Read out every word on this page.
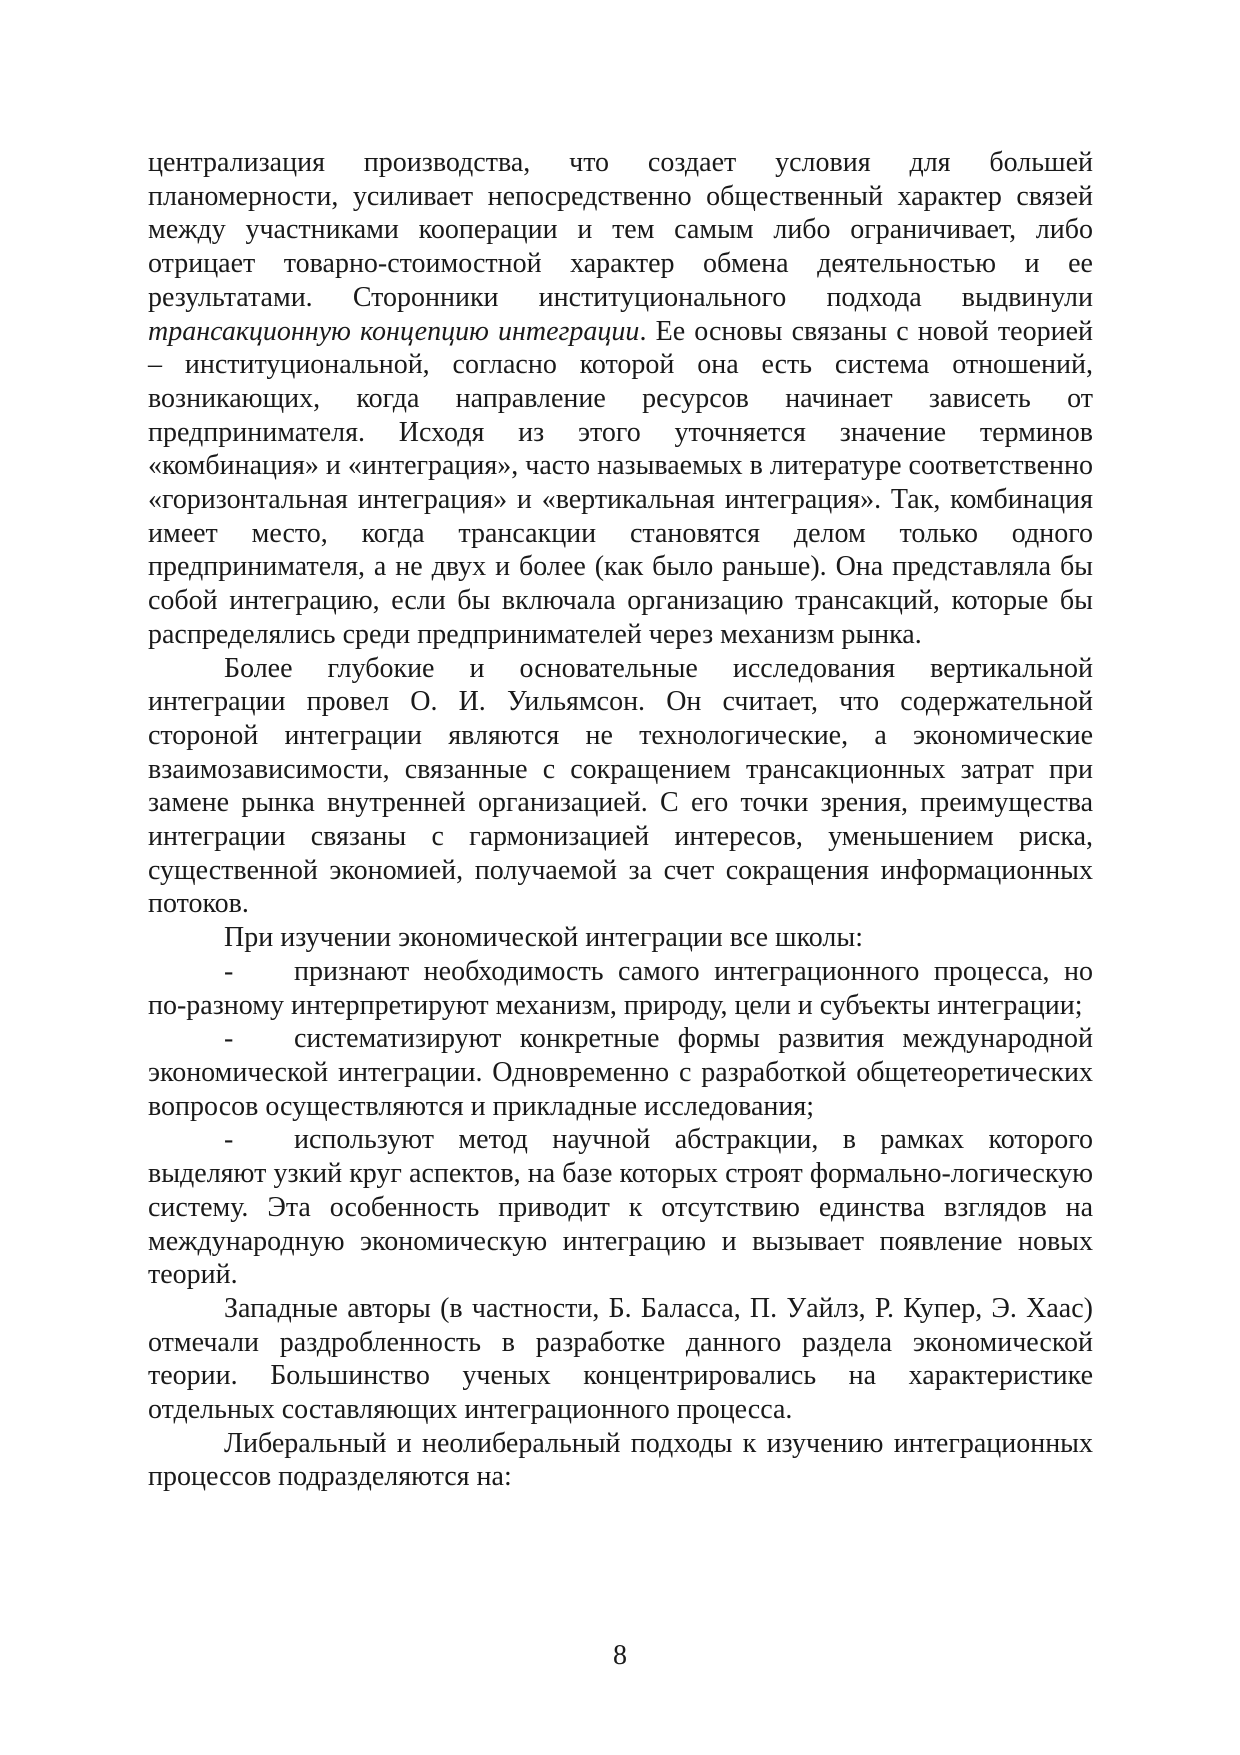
централизация производства, что создает условия для большей планомерности, усиливает непосредственно общественный характер связей между участниками кооперации и тем самым либо ограничивает, либо отрицает товарно-стоимостной характер обмена деятельностью и ее результатами. Сторонники институционального подхода выдвинули трансакционную концепцию интеграции. Ее основы связаны с новой теорией – институциональной, согласно которой она есть система отношений, возникающих, когда направление ресурсов начинает зависеть от предпринимателя. Исходя из этого уточняется значение терминов «комбинация» и «интеграция», часто называемых в литературе соответственно «горизонтальная интеграция» и «вертикальная интеграция». Так, комбинация имеет место, когда трансакции становятся делом только одного предпринимателя, а не двух и более (как было раньше). Она представляла бы собой интеграцию, если бы включала организацию трансакций, которые бы распределялись среди предпринимателей через механизм рынка.

Более глубокие и основательные исследования вертикальной интеграции провел О. И. Уильямсон. Он считает, что содержательной стороной интеграции являются не технологические, а экономические взаимозависимости, связанные с сокращением трансакционных затрат при замене рынка внутренней организацией. С его точки зрения, преимущества интеграции связаны с гармонизацией интересов, уменьшением риска, существенной экономией, получаемой за счет сокращения информационных потоков.

При изучении экономической интеграции все школы:

- признают необходимость самого интеграционного процесса, но по-разному интерпретируют механизм, природу, цели и субъекты интеграции;

- систематизируют конкретные формы развития международной экономической интеграции. Одновременно с разработкой общетеоретических вопросов осуществляются и прикладные исследования;

- используют метод научной абстракции, в рамках которого выделяют узкий круг аспектов, на базе которых строят формально-логическую систему. Эта особенность приводит к отсутствию единства взглядов на международную экономическую интеграцию и вызывает появление новых теорий.

Западные авторы (в частности, Б. Баласса, П. Уайлз, Р. Купер, Э. Хаас) отмечали раздробленность в разработке данного раздела экономической теории. Большинство ученых концентрировались на характеристике отдельных составляющих интеграционного процесса.

Либеральный и неолиберальный подходы к изучению интеграционных процессов подразделяются на:

8
